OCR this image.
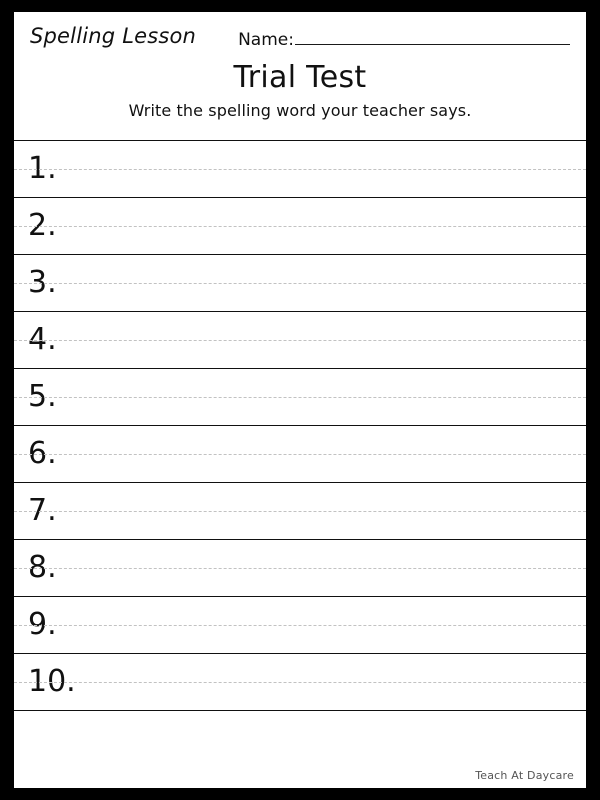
Spelling Lesson Name:
Trial Test
Write the spelling word your teacher says.
1.
2.
3.
4.
5.
6.
7.
8.
9.
10.
Teach At Daycare
